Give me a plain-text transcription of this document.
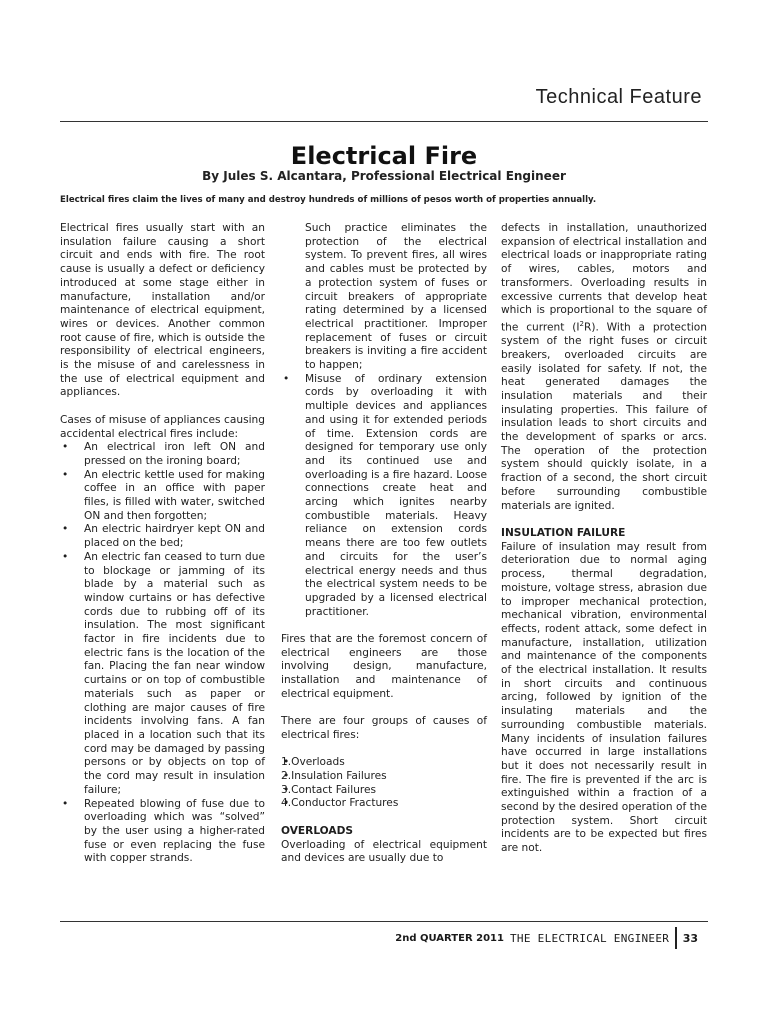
Technical Feature
Electrical Fire
By Jules S. Alcantara, Professional Electrical Engineer
Electrical fires claim the lives of many and destroy hundreds of millions of pesos worth of properties annually.

Electrical fires usually start with an insulation failure causing a short circuit and ends with fire. The root cause is usually a defect or deficiency introduced at some stage either in manufacture, installation and/or maintenance of electrical equipment, wires or devices. Another common root cause of fire, which is outside the responsibility of electrical engineers, is the misuse of and carelessness in the use of electrical equipment and appliances.

Cases of misuse of appliances causing accidental electrical fires include:

• An electrical iron left ON and pressed on the ironing board;
• An electric kettle used for making coffee in an office with paper files, is filled with water, switched ON and then forgotten;
• An electric hairdryer kept ON and placed on the bed;
• An electric fan ceased to turn due to blockage or jamming of its blade by a material such as window curtains or has defective cords due to rubbing off of its insulation. The most significant factor in fire incidents due to electric fans is the location of the fan. Placing the fan near window curtains or on top of combustible materials such as paper or clothing are major causes of fire incidents involving fans. A fan placed in a location such that its cord may be damaged by passing persons or by objects on top of the cord may result in insulation failure;
• Repeated blowing of fuse due to overloading which was “solved” by the user using a higher-rated fuse or even replacing the fuse with copper strands.

Such practice eliminates the protection of the electrical system. To prevent fires, all wires and cables must be protected by a protection system of fuses or circuit breakers of appropriate rating determined by a licensed electrical practitioner. Improper replacement of fuses or circuit breakers is inviting a fire accident to happen;

• Misuse of ordinary extension cords by overloading it with multiple devices and appliances and using it for extended periods of time. Extension cords are designed for temporary use only and its continued use and overloading is a fire hazard. Loose connections create heat and arcing which ignites nearby combustible materials. Heavy reliance on extension cords means there are too few outlets and circuits for the user’s electrical energy needs and thus the electrical system needs to be upgraded by a licensed electrical practitioner.

Fires that are the foremost concern of electrical engineers are those involving design, manufacture, installation and maintenance of electrical equipment.

There are four groups of causes of electrical fires:

• 1.Overloads
• 2.Insulation Failures
• 3.Contact Failures
• 4.Conductor Fractures
OVERLOADS

Overloading of electrical equipment and devices are usually due to

defects in installation, unauthorized expansion of electrical installation and electrical loads or inappropriate rating of wires, cables, motors and transformers. Overloading results in excessive currents that develop heat which is proportional to the square of the current $(I^2R)$. With a protection system of the right fuses or circuit breakers, overloaded circuits are easily isolated for safety. If not, the heat generated damages the insulation materials and their insulating properties. This failure of insulation leads to short circuits and the development of sparks or arcs. The operation of the protection system should quickly isolate, in a fraction of a second, the short circuit before surrounding combustible materials are ignited.

INSULATION FAILURE

Failure of insulation may result from deterioration due to normal aging process, thermal degradation, moisture, voltage stress, abrasion due to improper mechanical protection, mechanical vibration, environmental effects, rodent attack, some defect in manufacture, installation, utilization and maintenance of the components of the electrical installation. It results in short circuits and continuous arcing, followed by ignition of the insulating materials and the surrounding combustible materials. Many incidents of insulation failures have occurred in large installations but it does not necessarily result in fire. The fire is prevented if the arc is extinguished within a fraction of a second by the desired operation of the protection system. Short circuit incidents are to be expected but fires are not.

2nd QUARTER 2011 THE ELECTRICAL ENGINEER 33
